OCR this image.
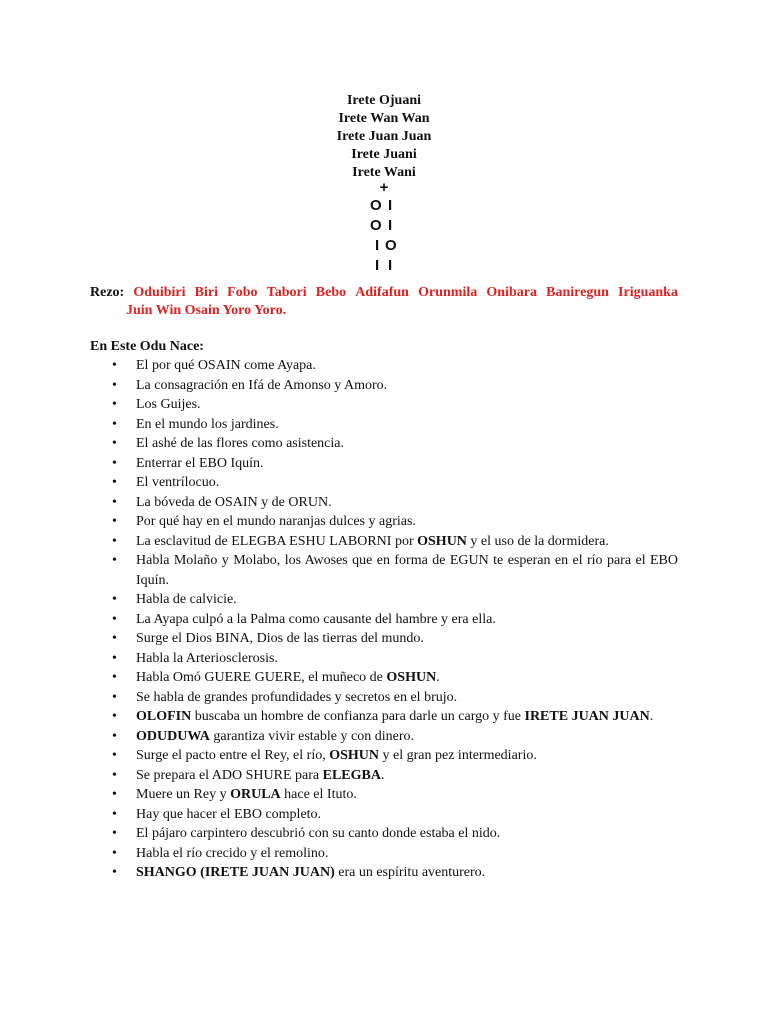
Irete Ojuani
Irete Wan Wan
Irete Juan Juan
Irete Juani
Irete Wani
+
O I
O I
I O
I I
Rezo: Oduibiri Biri Fobo Tabori Bebo Adifafun Orunmila Onibara Baniregun Iriguanka
Juin Win Osain Yoro Yoro.
En Este Odu Nace:
• El por qué OSAIN come Ayapa.
• La consagración en Ifá de Amonso y Amoro.
• Los Guijes.
• En el mundo los jardines.
• El ashé de las flores como asistencia.
• Enterrar el EBO Iquín.
• El ventrílocuo.
• La bóveda de OSAIN y de ORUN.
• Por qué hay en el mundo naranjas dulces y agrias.
• La esclavitud de ELEGBA ESHU LABORNI por OSHUN y el uso de la dormidera.
• Habla Molaño y Molabo, los Awoses que en forma de EGUN te esperan en el río para el EBO Iquín.
• Habla de calvicie.
• La Ayapa culpó a la Palma como causante del hambre y era ella.
• Surge el Dios BINA, Dios de las tierras del mundo.
• Habla la Arteriosclerosis.
• Habla Omó GUERE GUERE, el muñeco de OSHUN.
• Se habla de grandes profundidades y secretos en el brujo.
• OLOFIN buscaba un hombre de confianza para darle un cargo y fue IRETE JUAN JUAN.
• ODUDUWA garantiza vivir estable y con dinero.
• Surge el pacto entre el Rey, el río, OSHUN y el gran pez intermediario.
• Se prepara el ADO SHURE para ELEGBA.
• Muere un Rey y ORULA hace el Ituto.
• Hay que hacer el EBO completo.
• El pájaro carpintero descubrió con su canto donde estaba el nido.
• Habla el río crecido y el remolino.
• SHANGO (IRETE JUAN JUAN) era un espíritu aventurero.
